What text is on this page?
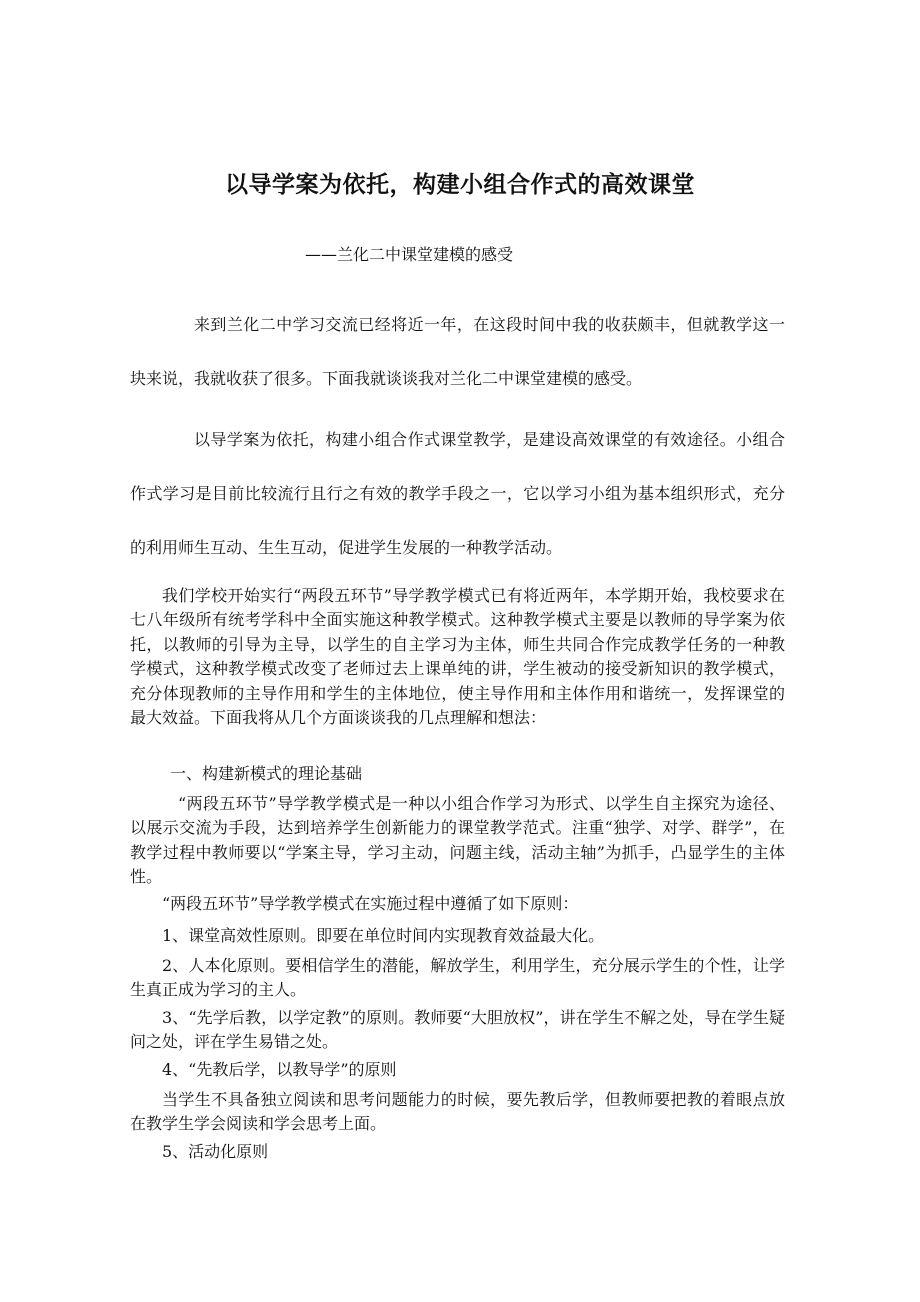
以导学案为依托，构建小组合作式的高效课堂

——兰化二中课堂建模的感受

来到兰化二中学习交流已经将近一年，在这段时间中我的收获颇丰，但就教学这一块来说，我就收获了很多。下面我就谈谈我对兰化二中课堂建模的感受。

以导学案为依托，构建小组合作式课堂教学，是建设高效课堂的有效途径。小组合作式学习是目前比较流行且行之有效的教学手段之一，它以学习小组为基本组织形式，充分的利用师生互动、生生互动，促进学生发展的一种教学活动。

我们学校开始实行“两段五环节”导学教学模式已有将近两年，本学期开始，我校要求在七八年级所有统考学科中全面实施这种教学模式。这种教学模式主要是以教师的导学案为依托，以教师的引导为主导，以学生的自主学习为主体，师生共同合作完成教学任务的一种教学模式，这种教学模式改变了老师过去上课单纯的讲，学生被动的接受新知识的教学模式，充分体现教师的主导作用和学生的主体地位，使主导作用和主体作用和谐统一，发挥课堂的最大效益。下面我将从几个方面谈谈我的几点理解和想法：

一、构建新模式的理论基础

“两段五环节”导学教学模式是一种以小组合作学习为形式、以学生自主探究为途径、以展示交流为手段，达到培养学生创新能力的课堂教学范式。注重“独学、对学、群学”，在教学过程中教师要以“学案主导，学习主动，问题主线，活动主轴”为抓手，凸显学生的主体性。

“两段五环节”导学教学模式在实施过程中遵循了如下原则：

1、课堂高效性原则。即要在单位时间内实现教育效益最大化。

2、人本化原则。要相信学生的潜能，解放学生，利用学生，充分展示学生的个性，让学生真正成为学习的主人。

3、“先学后教，以学定教”的原则。教师要“大胆放权”，讲在学生不解之处，导在学生疑问之处，评在学生易错之处。

4、“先教后学，以教导学”的原则

当学生不具备独立阅读和思考问题能力的时候，要先教后学，但教师要把教的着眼点放在教学生学会阅读和学会思考上面。

5、活动化原则
